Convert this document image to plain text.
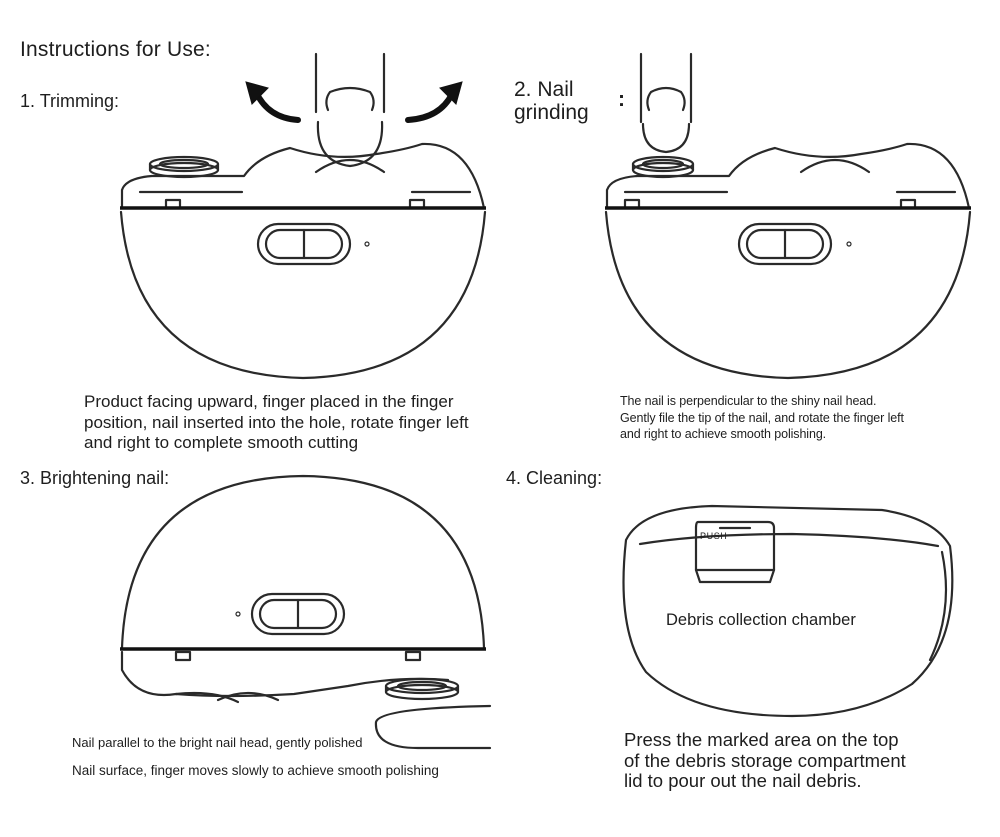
Instructions for Use:
1. Trimming:
Product facing upward, finger placed in the finger
position, nail inserted into the hole, rotate finger left
and right to complete smooth cutting
2. Nail
grinding
:
The nail is perpendicular to the shiny nail head.
Gently file the tip of the nail, and rotate the finger left
and right to achieve smooth polishing.
3. Brightening nail:
Nail parallel to the bright nail head, gently polished
Nail surface, finger moves slowly to achieve smooth polishing
4. Cleaning:
PUSH
Debris collection chamber
Press the marked area on the top
of the debris storage compartment
lid to pour out the nail debris.
